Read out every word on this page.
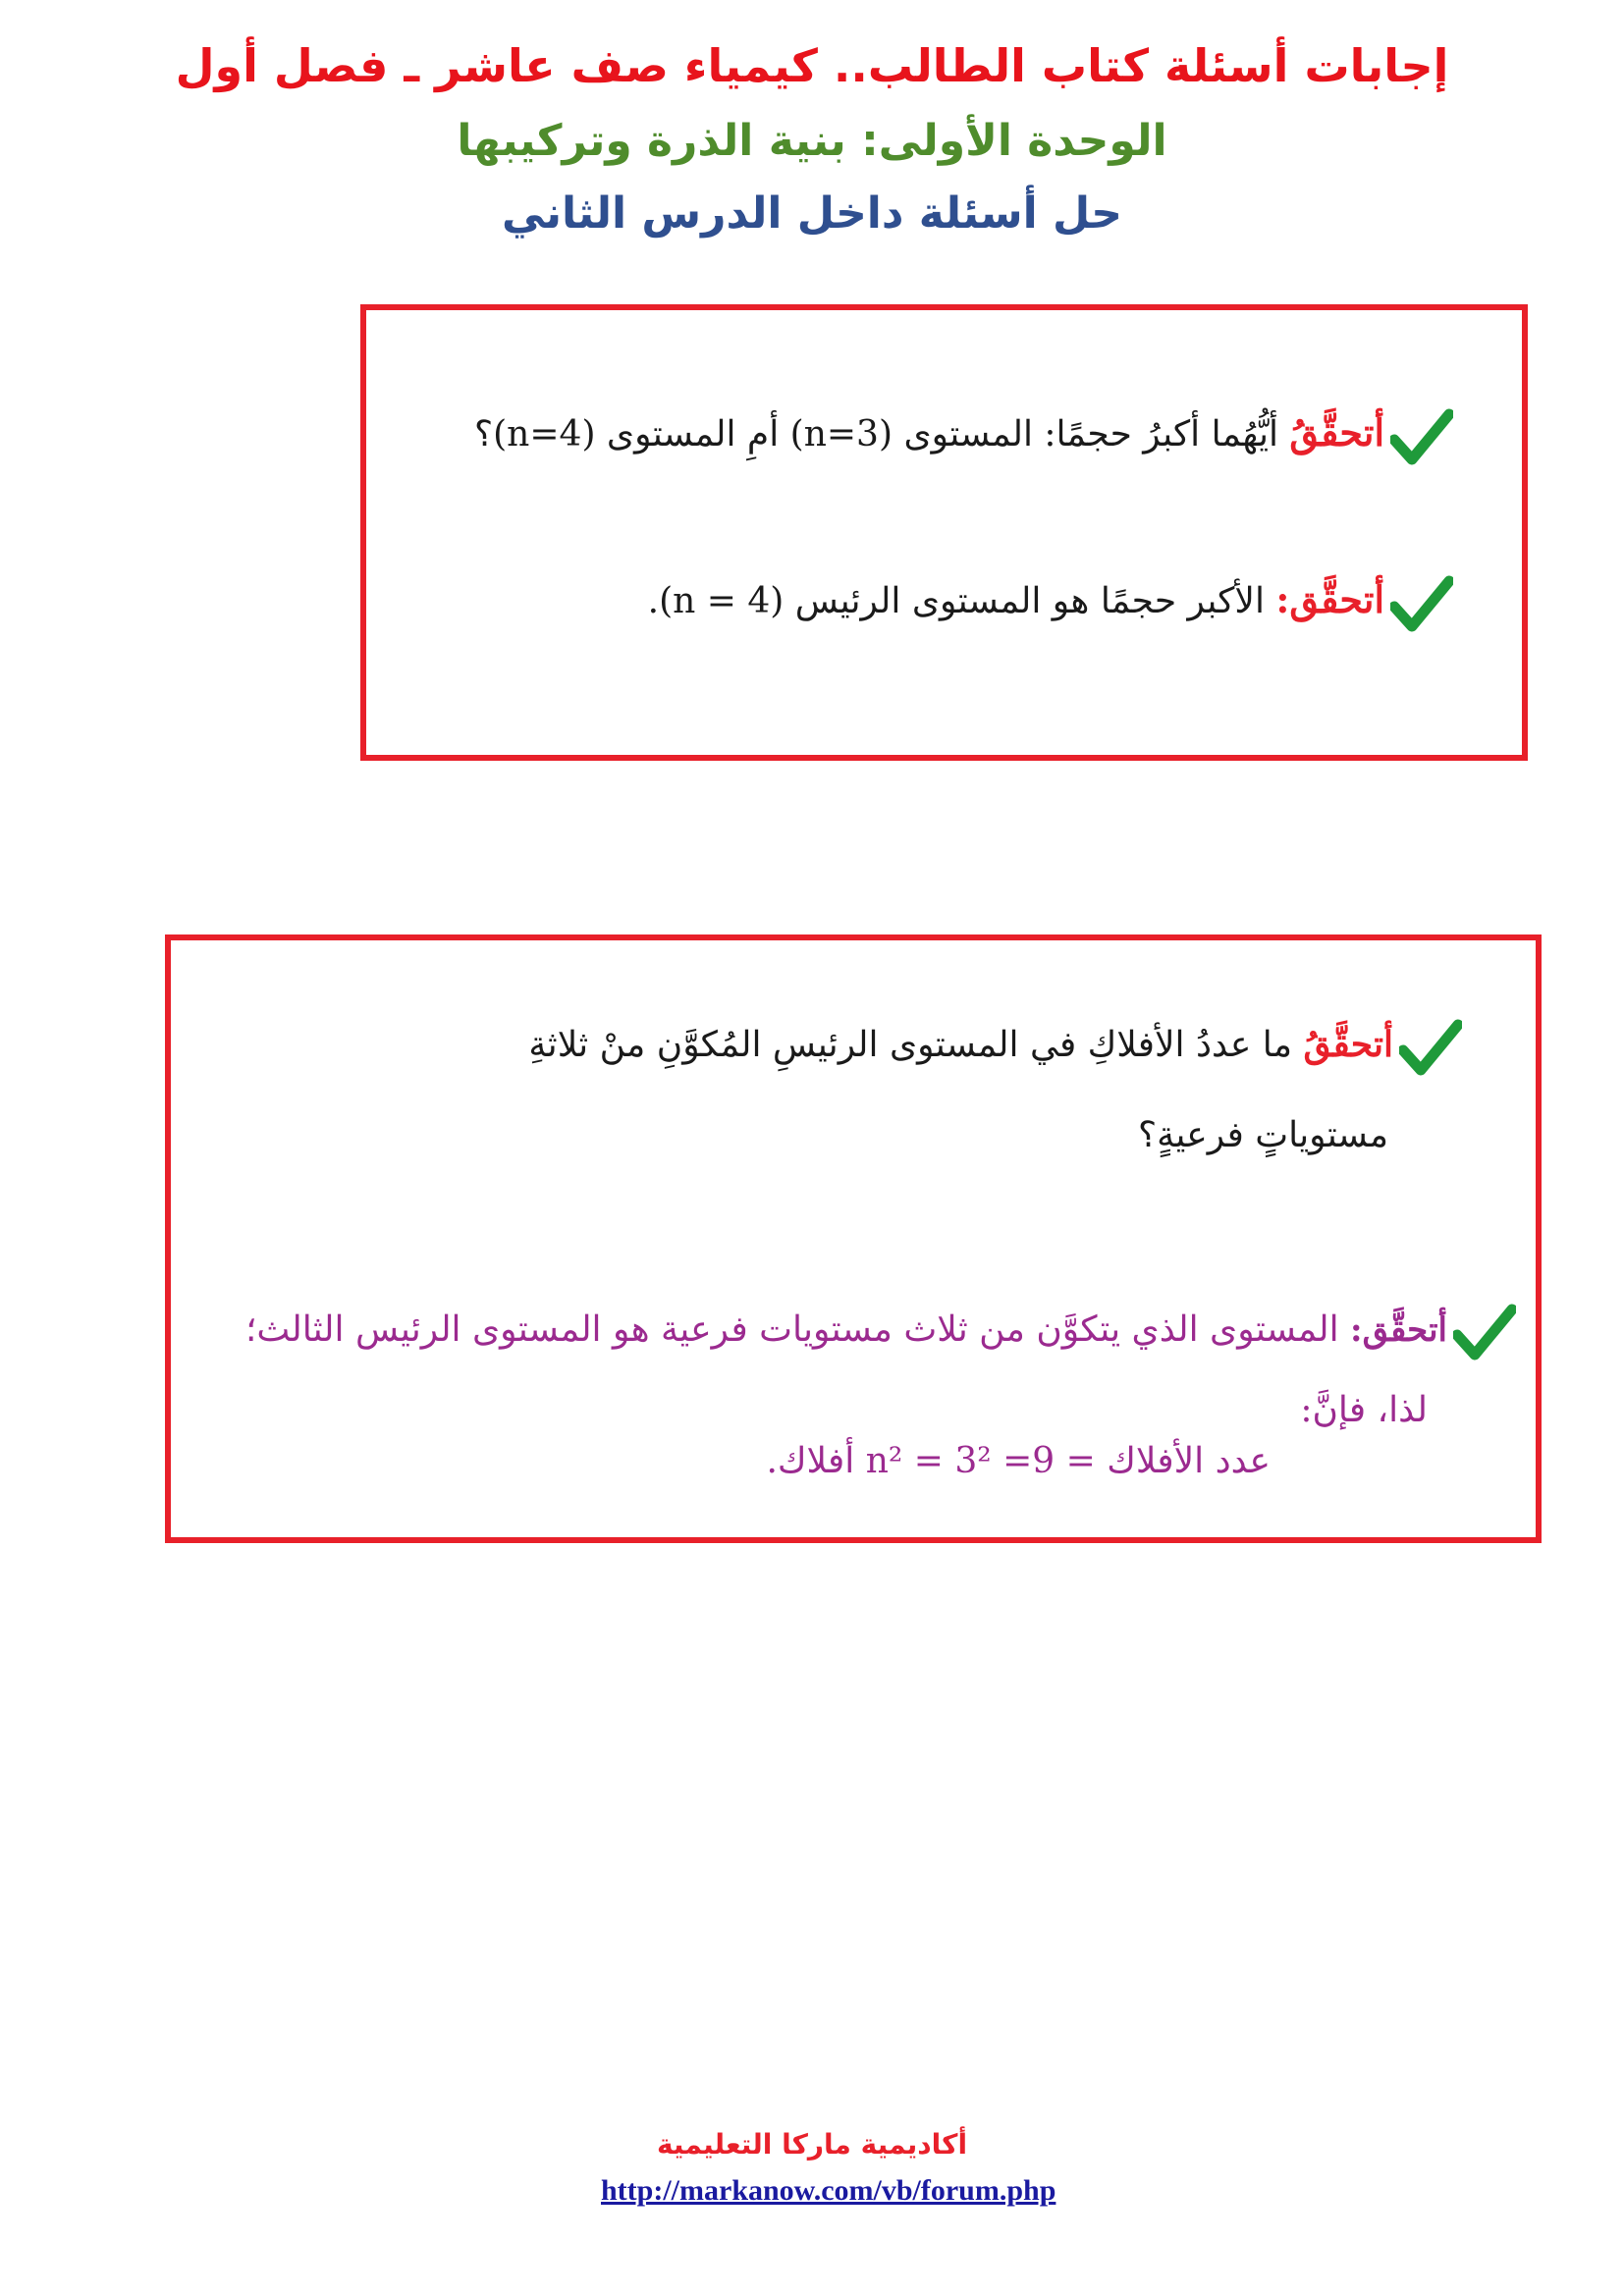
إجابات أسئلة كتاب الطالب.. كيمياء صف عاشر ـ فصل أول
الوحدة الأولى: بنية الذرة وتركيبها
حل أسئلة داخل الدرس الثاني
أتحقَّقُ أيُّهُما أكبرُ حجمًا: المستوى (n=3) أمِ المستوى (n=4)؟
أتحقَّق: الأكبر حجمًا هو المستوى الرئيس (n = 4).
أتحقَّقُ ما عددُ الأفلاكِ في المستوى الرئيسِ المُكوَّنِ منْ ثلاثةِ
مستوياتٍ فرعيةٍ؟
أتحقَّق: المستوى الذي يتكوَّن من ثلاث مستويات فرعية هو المستوى الرئيس الثالث؛
لذا، فإنَّ:
عدد الأفلاك = n² = 3² =9 أفلاك.
أكاديمية ماركا التعليمية
http://markanow.com/vb/forum.php
